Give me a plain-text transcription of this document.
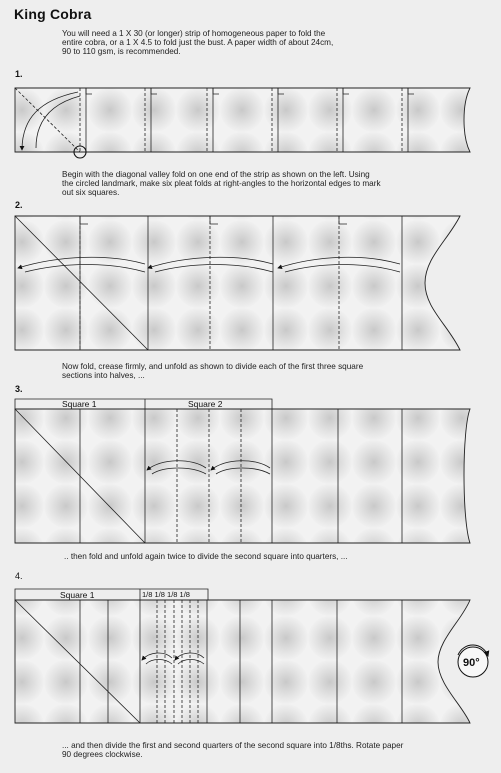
King Cobra
You will need a 1 X 30 (or longer) strip of homogeneous paper to fold the
entire cobra, or a 1 X 4.5 to fold just the bust. A paper width of about 24cm,
90 to 110 gsm, is recommended.
1.
Begin with the diagonal valley fold on one end of the strip as shown on the left. Using
the circled landmark, make six pleat folds at right-angles to the horizontal edges to mark
out six squares.
2.
Now fold, crease firmly, and unfold as shown to divide each of the first three square
sections into halves, ...
3.
.. then fold and unfold again twice to divide the second square into quarters, ...
4.
... and then divide the first and second quarters of the second square into 1/8ths. Rotate paper
90 degrees clockwise.
Square 1	Square 2
Square 1	1/8 1/8 1/8 1/8
90°
